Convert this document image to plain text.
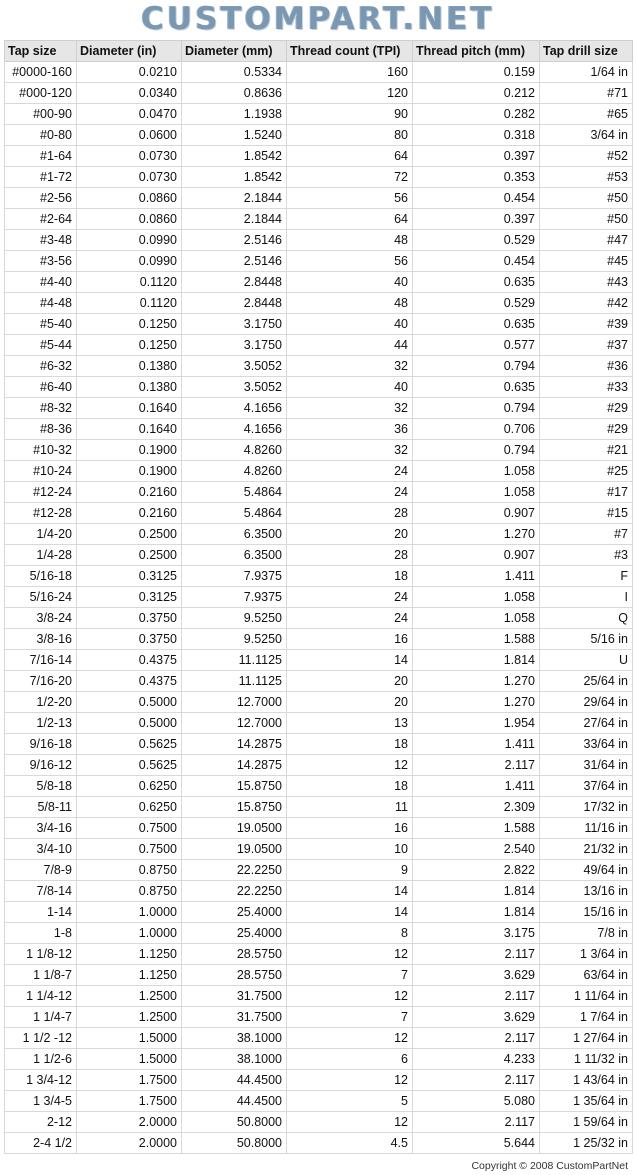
CUSTOMPART.NET
Tap size	Diameter (in)	Diameter (mm)	Thread count (TPI)	Thread pitch (mm)	Tap drill size
#0000-160	0.0210	0.5334	160	0.159	1/64 in
#000-120	0.0340	0.8636	120	0.212	#71
#00-90	0.0470	1.1938	90	0.282	#65
#0-80	0.0600	1.5240	80	0.318	3/64 in
#1-64	0.0730	1.8542	64	0.397	#52
#1-72	0.0730	1.8542	72	0.353	#53
#2-56	0.0860	2.1844	56	0.454	#50
#2-64	0.0860	2.1844	64	0.397	#50
#3-48	0.0990	2.5146	48	0.529	#47
#3-56	0.0990	2.5146	56	0.454	#45
#4-40	0.1120	2.8448	40	0.635	#43
#4-48	0.1120	2.8448	48	0.529	#42
#5-40	0.1250	3.1750	40	0.635	#39
#5-44	0.1250	3.1750	44	0.577	#37
#6-32	0.1380	3.5052	32	0.794	#36
#6-40	0.1380	3.5052	40	0.635	#33
#8-32	0.1640	4.1656	32	0.794	#29
#8-36	0.1640	4.1656	36	0.706	#29
#10-32	0.1900	4.8260	32	0.794	#21
#10-24	0.1900	4.8260	24	1.058	#25
#12-24	0.2160	5.4864	24	1.058	#17
#12-28	0.2160	5.4864	28	0.907	#15
1/4-20	0.2500	6.3500	20	1.270	#7
1/4-28	0.2500	6.3500	28	0.907	#3
5/16-18	0.3125	7.9375	18	1.411	F
5/16-24	0.3125	7.9375	24	1.058	I
3/8-24	0.3750	9.5250	24	1.058	Q
3/8-16	0.3750	9.5250	16	1.588	5/16 in
7/16-14	0.4375	11.1125	14	1.814	U
7/16-20	0.4375	11.1125	20	1.270	25/64 in
1/2-20	0.5000	12.7000	20	1.270	29/64 in
1/2-13	0.5000	12.7000	13	1.954	27/64 in
9/16-18	0.5625	14.2875	18	1.411	33/64 in
9/16-12	0.5625	14.2875	12	2.117	31/64 in
5/8-18	0.6250	15.8750	18	1.411	37/64 in
5/8-11	0.6250	15.8750	11	2.309	17/32 in
3/4-16	0.7500	19.0500	16	1.588	11/16 in
3/4-10	0.7500	19.0500	10	2.540	21/32 in
7/8-9	0.8750	22.2250	9	2.822	49/64 in
7/8-14	0.8750	22.2250	14	1.814	13/16 in
1-14	1.0000	25.4000	14	1.814	15/16 in
1-8	1.0000	25.4000	8	3.175	7/8 in
1 1/8-12	1.1250	28.5750	12	2.117	1 3/64 in
1 1/8-7	1.1250	28.5750	7	3.629	63/64 in
1 1/4-12	1.2500	31.7500	12	2.117	1 11/64 in
1 1/4-7	1.2500	31.7500	7	3.629	1 7/64 in
1 1/2 -12	1.5000	38.1000	12	2.117	1 27/64 in
1 1/2-6	1.5000	38.1000	6	4.233	1 11/32 in
1 3/4-12	1.7500	44.4500	12	2.117	1 43/64 in
1 3/4-5	1.7500	44.4500	5	5.080	1 35/64 in
2-12	2.0000	50.8000	12	2.117	1 59/64 in
2-4 1/2	2.0000	50.8000	4.5	5.644	1 25/32 in
Copyright © 2008 CustomPartNet
